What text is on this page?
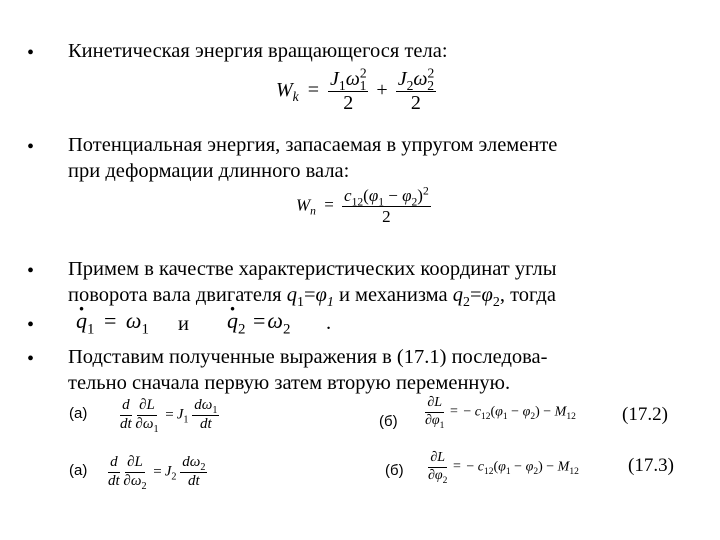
• Кинетическая энергия вращающегося тела:
$W_k = \frac{J_1\omega^2_1}{2} + \frac{J_2\omega^2_2}{2}$
• Потенциальная энергия, запасаемая в упругом элементе
при деформации длинного вала:
$W_п = \frac{c_{12}(\varphi_1 - \varphi_2)^2}{2}$
• Примем в качестве характеристических координат углы
поворота вала двигателя $q_1=\varphi_1$ и механизма $q_2=\varphi_2$, тогда
•
· $q_1 = \omega_1$ и
· $q_2 =\omega_2$ .
• Подставим полученные выражения в (17.1) последова-
тельно сначала первую затем вторую переменную.
$(а) \frac{d}{dt}$
$\frac{\partial L}{\partial\omega_1} = J_1 \frac{d\omega_1}{dt}$	$(б) \frac{\partial L}{\partial\varphi_1}$ = − $c_{12}(\varphi_1 - \varphi_2) - M_{12}$ (17.2)
$(а) \frac{d}{dt}$
$\frac{\partial L}{\partial\omega_2} = J_2 \frac{d\omega_2}{dt}$	$(б) \frac{\partial L}{\partial\varphi_2}$ = − $c_{12}(\varphi_1 - \varphi_2) - M_{12}$	(17.3)
